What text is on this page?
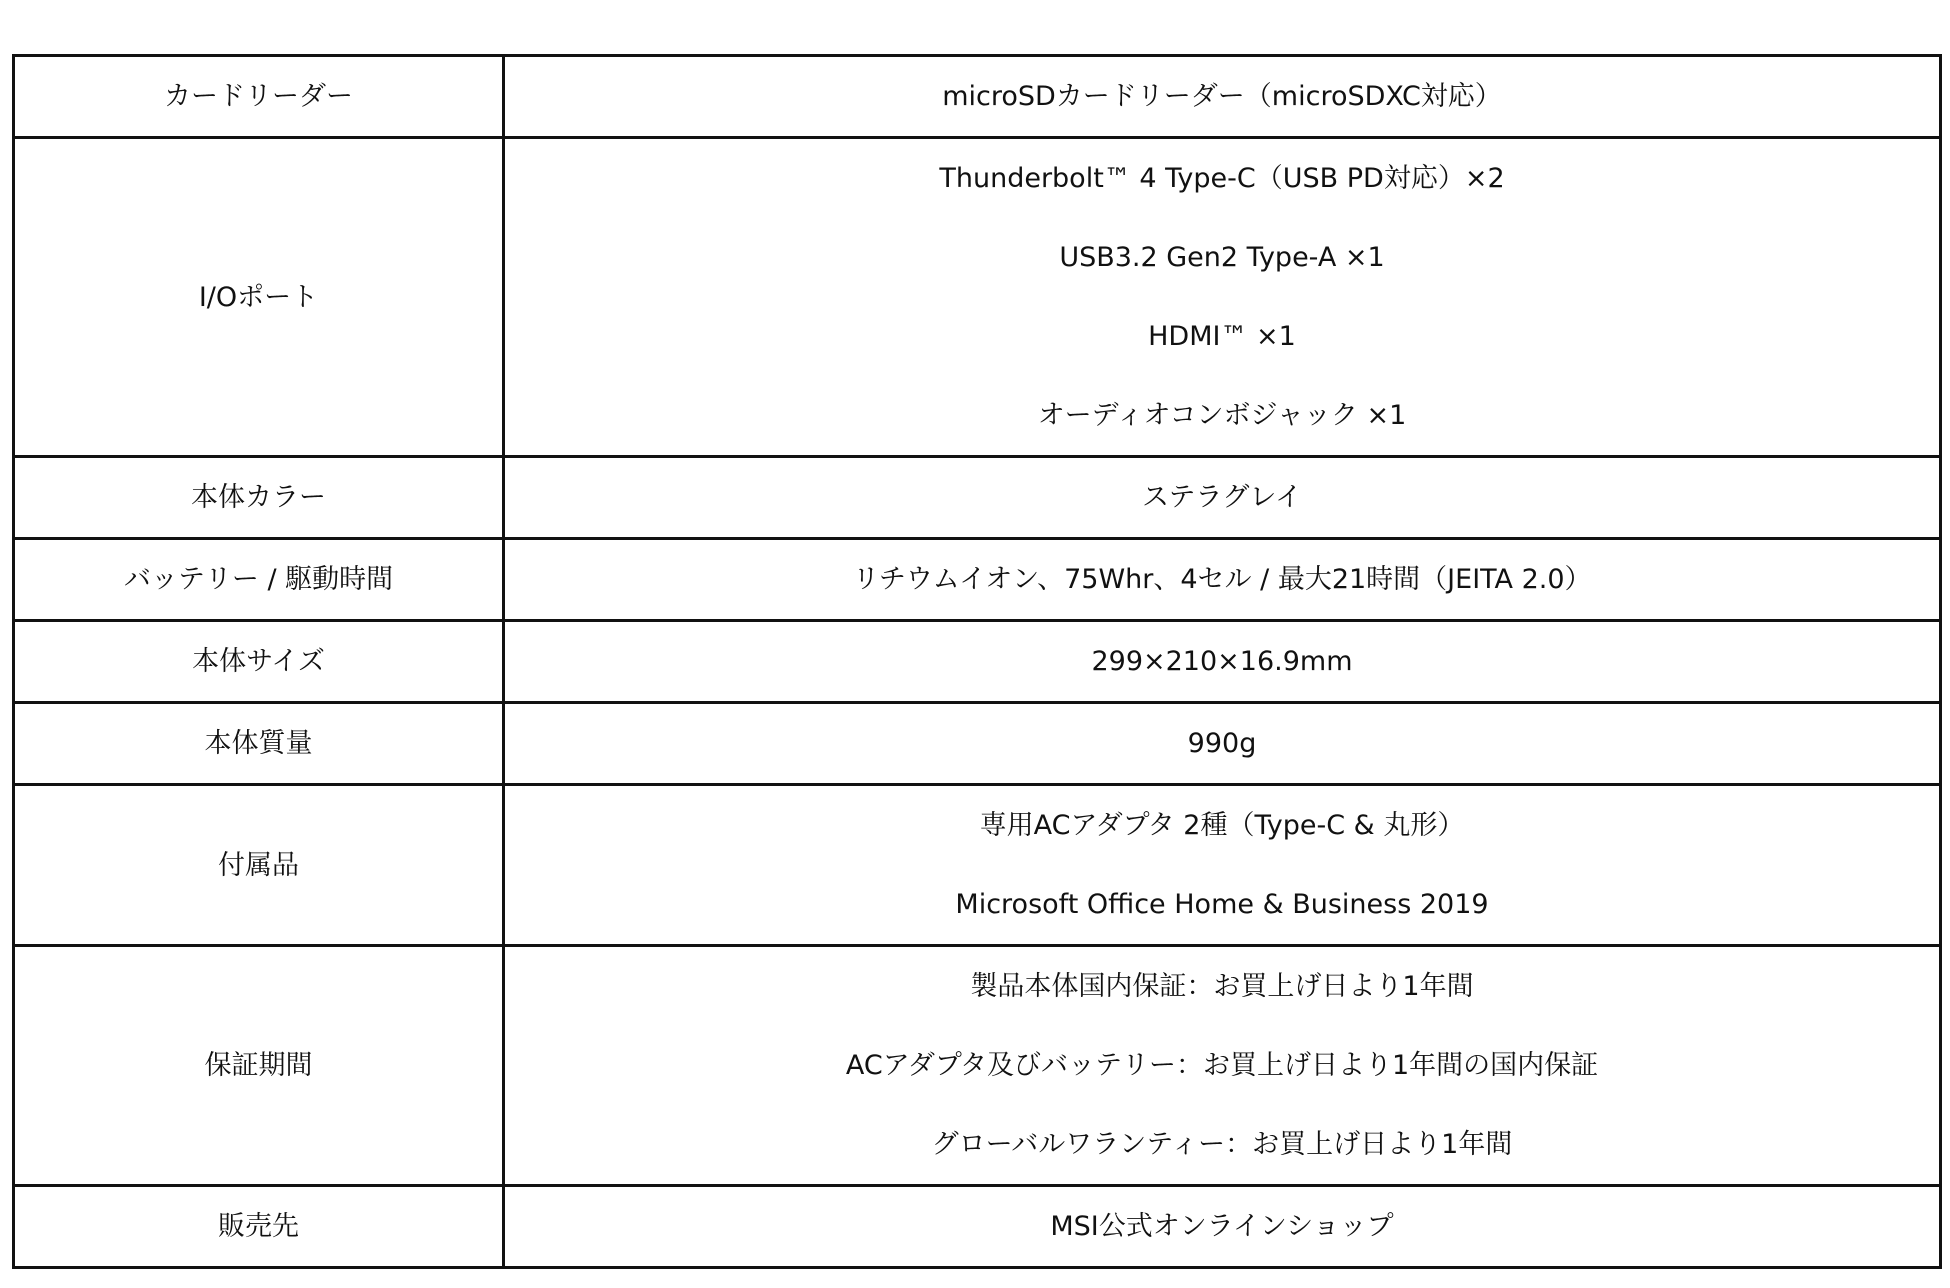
カードリーダー	microSDカードリーダー（microSDXC対応）

I/Oポート	Thunderbolt™ 4 Type-C（USB PD対応）×2
USB3.2 Gen2 Type-A ×1
HDMI™ ×1
オーディオコンボジャック ×1

本体カラー	ステラグレイ

バッテリー / 駆動時間	リチウムイオン、75Whr、4セル / 最大21時間（JEITA 2.0）

本体サイズ	299×210×16.9mm

本体質量	990g

付属品	専用ACアダプタ 2種（Type-C & 丸形）
Microsoft Office Home & Business 2019

保証期間	製品本体国内保証：お買上げ日より1年間
ACアダプタ及びバッテリー：お買上げ日より1年間の国内保証
グローバルワランティー：お買上げ日より1年間

販売先	MSI公式オンラインショップ
